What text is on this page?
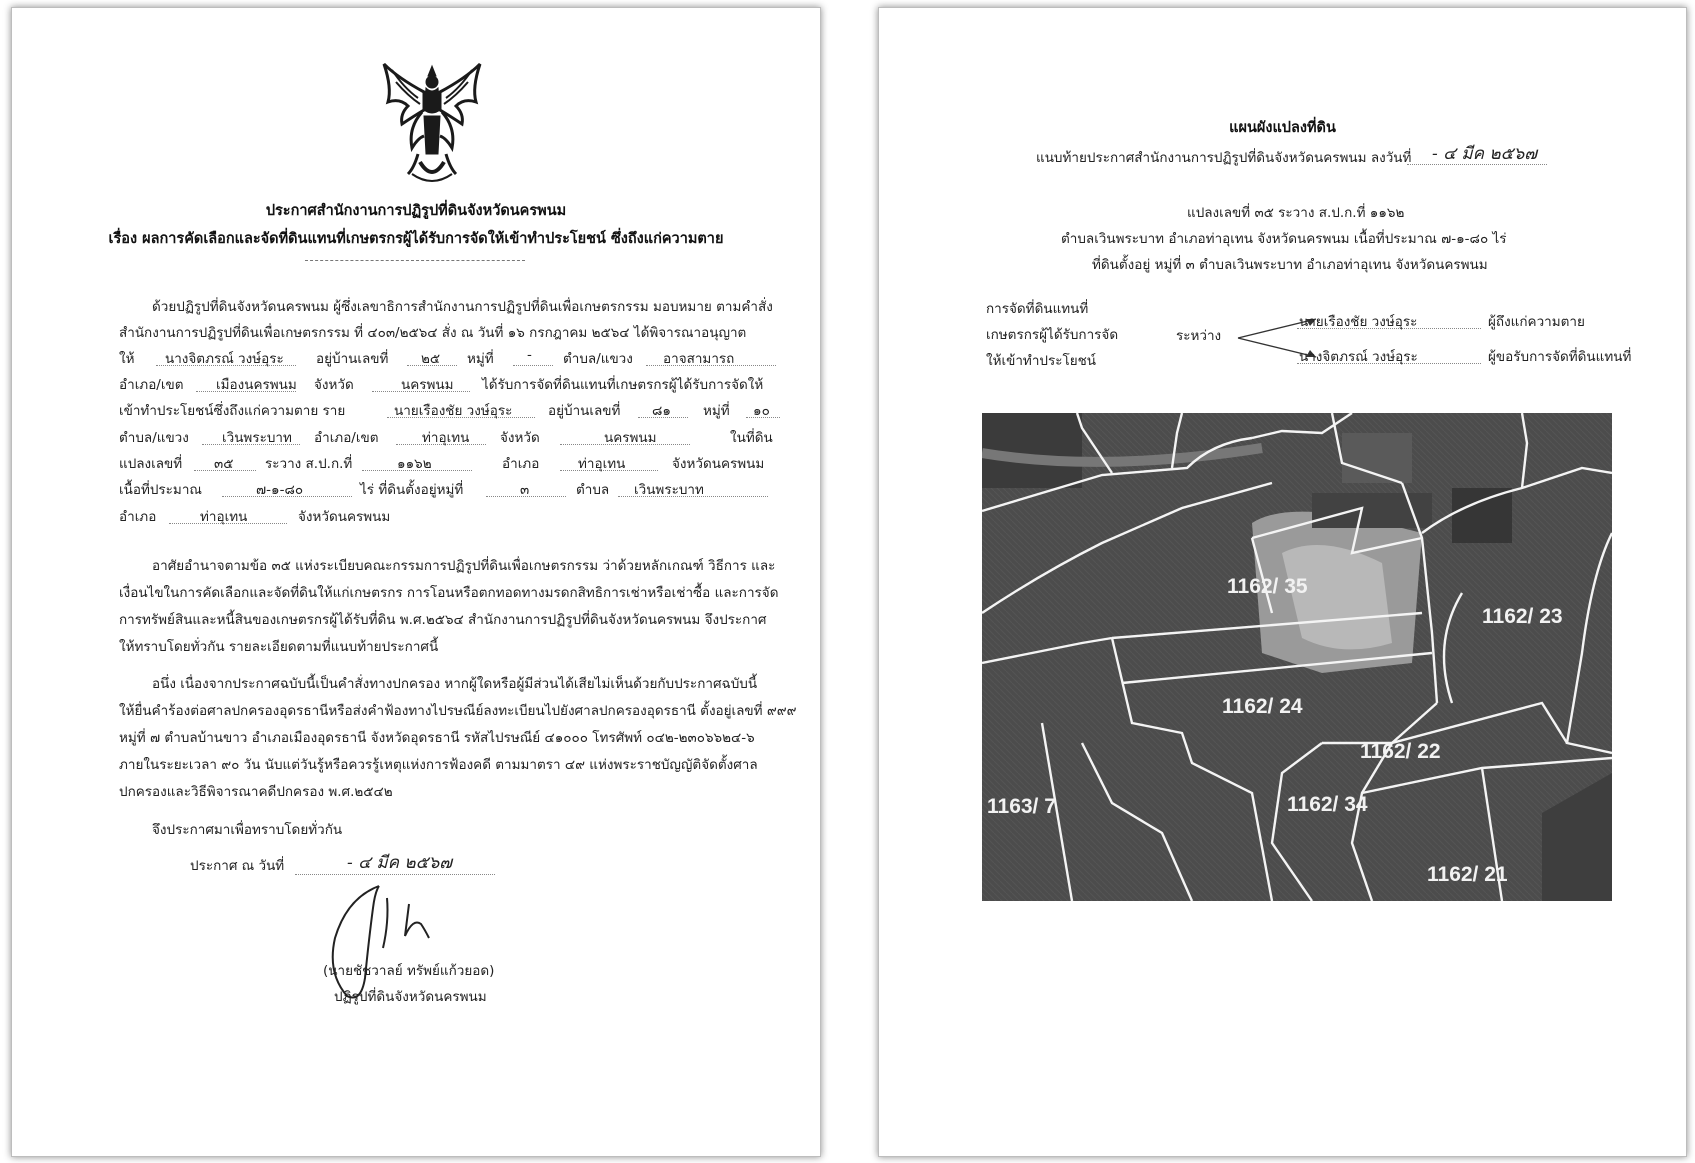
ประกาศสำนักงานการปฏิรูปที่ดินจังหวัดนครพนม
เรื่อง ผลการคัดเลือกและจัดที่ดินแทนที่เกษตรกรผู้ได้รับการจัดให้เข้าทำประโยชน์ ซึ่งถึงแก่ความตาย
ด้วยปฏิรูปที่ดินจังหวัดนครพนม ผู้ซึ่งเลขาธิการสำนักงานการปฏิรูปที่ดินเพื่อเกษตรกรรม มอบหมาย ตามคำสั่ง
สำนักงานการปฏิรูปที่ดินเพื่อเกษตรกรรม ที่ ๔๐๓/๒๕๖๔ สั่ง ณ วันที่ ๑๖ กรกฎาคม ๒๕๖๔ ได้พิจารณาอนุญาต
ให้ นางจิตภรณ์ วงษ์อุระ อยู่บ้านเลขที่ ๒๕ หมู่ที่ - ตำบล/แขวง อาจสามารถ
อำเภอ/เขต เมืองนครพนม จังหวัด	นครพนม ได้รับการจัดที่ดินแทนที่เกษตรกรผู้ได้รับการจัดให้
เข้าทำประโยชน์ซึ่งถึงแก่ความตาย ราย	นายเรืองชัย วงษ์อุระ	อยู่บ้านเลขที่ ๘๑ หมู่ที่ ๑๐
ตำบล/แขวง เวินพระบาท อำเภอ/เขต	ท่าอุเทน จังหวัด	นครพนม	ในที่ดิน
แปลงเลขที่ ๓๕ ระวาง ส.ป.ก.ที่	๑๑๖๒	อำเภอ	ท่าอุเทน	จังหวัดนครพนม
เนื้อที่ประมาณ	๗-๑-๘๐	ไร่ ที่ดินตั้งอยู่หมู่ที่	๓	ตำบล เวินพระบาท
อำเภอ	ท่าอุเทน	จังหวัดนครพนม
อาศัยอำนาจตามข้อ ๓๕ แห่งระเบียบคณะกรรมการปฏิรูปที่ดินเพื่อเกษตรกรรม ว่าด้วยหลักเกณฑ์ วิธีการ และ
เงื่อนไขในการคัดเลือกและจัดที่ดินให้แก่เกษตรกร การโอนหรือตกทอดทางมรดกสิทธิการเช่าหรือเช่าซื้อ และการจัด
การทรัพย์สินและหนี้สินของเกษตรกรผู้ได้รับที่ดิน พ.ศ.๒๕๖๔ สำนักงานการปฏิรูปที่ดินจังหวัดนครพนม จึงประกาศ
ให้ทราบโดยทั่วกัน รายละเอียดตามที่แนบท้ายประกาศนี้
อนึ่ง เนื่องจากประกาศฉบับนี้เป็นคำสั่งทางปกครอง หากผู้ใดหรือผู้มีส่วนได้เสียไม่เห็นด้วยกับประกาศฉบับนี้
ให้ยื่นคำร้องต่อศาลปกครองอุดรธานีหรือส่งคำฟ้องทางไปรษณีย์ลงทะเบียนไปยังศาลปกครองอุดรธานี ตั้งอยู่เลขที่ ๙๙๙
หมู่ที่ ๗ ตำบลบ้านขาว อำเภอเมืองอุดรธานี จังหวัดอุดรธานี รหัสไปรษณีย์ ๔๑๐๐๐ โทรศัพท์ ๐๔๒-๒๓๐๖๖๒๔-๖
ภายในระยะเวลา ๙๐ วัน นับแต่วันรู้หรือควรรู้เหตุแห่งการฟ้องคดี ตามมาตรา ๔๙ แห่งพระราชบัญญัติจัดตั้งศาล
ปกครองและวิธีพิจารณาคดีปกครอง พ.ศ.๒๕๔๒
จึงประกาศมาเพื่อทราบโดยทั่วกัน
ประกาศ ณ วันที่	- ๔ มีค ๒๕๖๗
(นายชัชวาลย์ ทรัพย์แก้วยอด)
ปฏิรูปที่ดินจังหวัดนครพนม
แผนผังแปลงที่ดิน
แนบท้ายประกาศสำนักงานการปฏิรูปที่ดินจังหวัดนครพนม ลงวันที่ - ๔ มีค ๒๕๖๗
แปลงเลขที่ ๓๕ ระวาง ส.ป.ก.ที่ ๑๑๖๒
ตำบลเวินพระบาท อำเภอท่าอุเทน จังหวัดนครพนม เนื้อที่ประมาณ ๗-๑-๘๐ ไร่
ที่ดินตั้งอยู่ หมู่ที่ ๓ ตำบลเวินพระบาท อำเภอท่าอุเทน จังหวัดนครพนม
การจัดที่ดินแทนที่
เกษตรกรผู้ได้รับการจัด
ให้เข้าทำประโยชน์
ระหว่าง
นายเรืองชัย วงษ์อุระ	ผู้ถึงแก่ความตาย
นางจิตภรณ์ วงษ์อุระ	ผู้ขอรับการจัดที่ดินแทนที่
1162/ 35
1162/ 23
1162/ 24
1162/ 22
1163/ 7	1162/ 34
1162/ 21
